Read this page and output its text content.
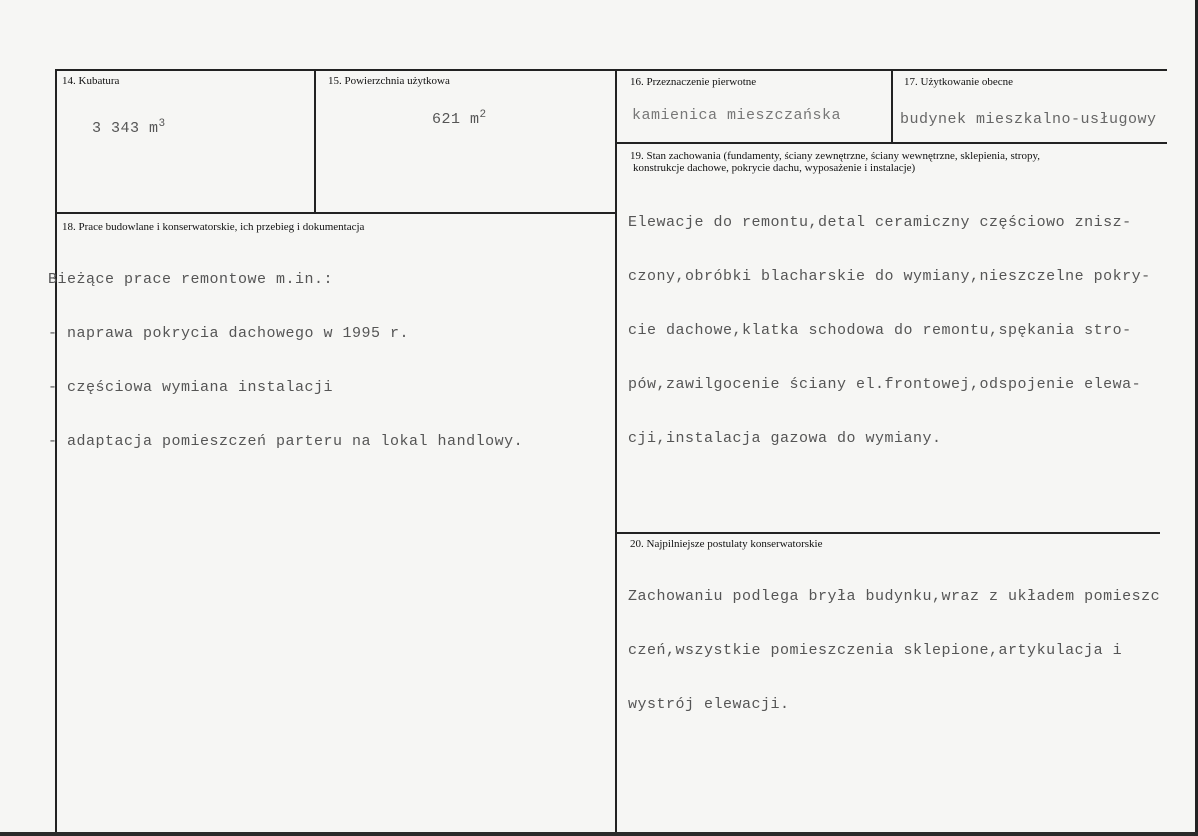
14. Kubatura
3 343 $m^3$
15. Powierzchnia użytkowa
621 $m^2$
16. Przeznaczenie pierwotne
kamienica mieszczańska
17. Użytkowanie obecne
budynek mieszkalno-usługowy
19. Stan zachowania (fundamenty, ściany zewnętrzne, ściany wewnętrzne, sklepienia, stropy,
konstrukcje dachowe, pokrycie dachu, wyposażenie i instalacje)

Elewacje do remontu,detal ceramiczny częściowo znisz-

czony,obróbki blacharskie do wymiany,nieszczelne pokry-

cie dachowe,klatka schodowa do remontu,spękania stro-

pów,zawilgocenie ściany el.frontowej,odspojenie elewa-

cji,instalacja gazowa do wymiany.

18. Prace budowlane i konserwatorskie, ich przebieg i dokumentacja

Bieżące prace remontowe m.in.:

- naprawa pokrycia dachowego w 1995 r.

- częściowa wymiana instalacji

- adaptacja pomieszczeń parteru na lokal handlowy.

20. Najpilniejsze postulaty konserwatorskie

Zachowaniu podlega bryła budynku,wraz z układem pomieszc

czeń,wszystkie pomieszczenia sklepione,artykulacja i

wystrój elewacji.
